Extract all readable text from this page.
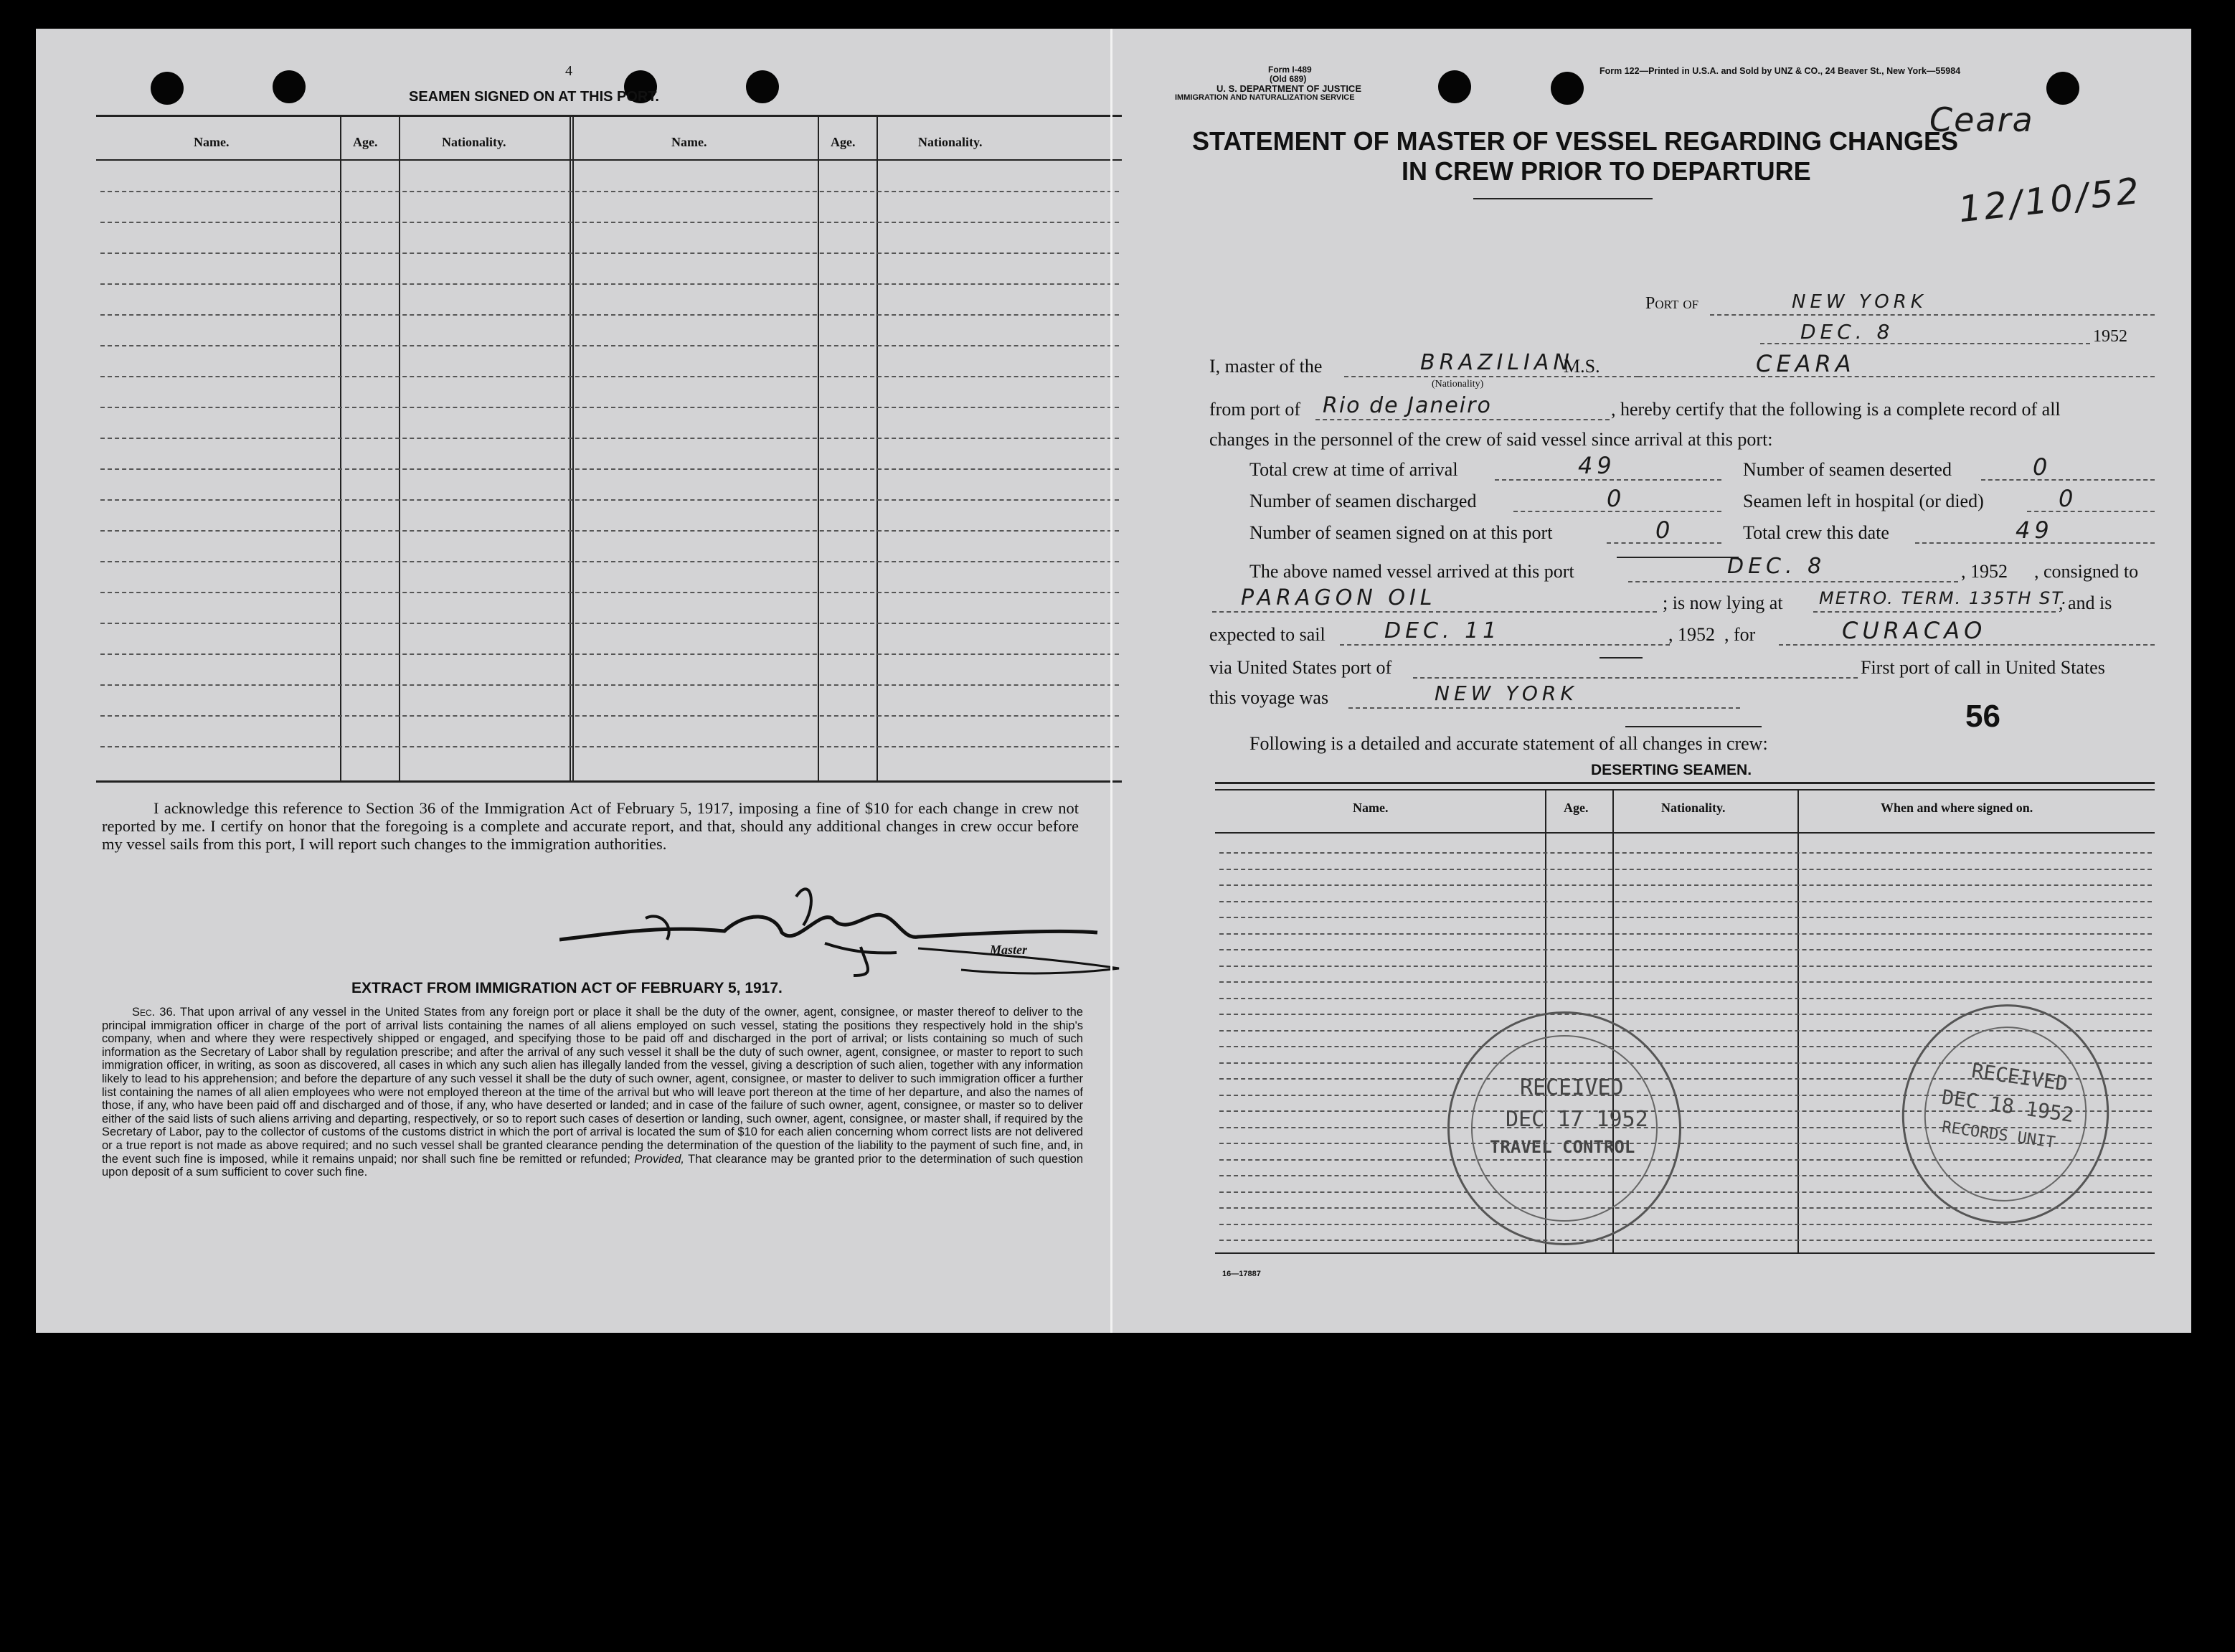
4
SEAMEN SIGNED ON AT THIS PORT.
Name.	Age.	Nationality.	Name.	Age.	Nationality.
I acknowledge this reference to Section 36 of the Immigration Act of February 5, 1917, imposing a fine of $10 for each change in crew not reported by me. I certify on honor that the foregoing is a complete and accurate report, and that, should any additional changes in crew occur before my vessel sails from this port, I will report such changes to the immigration authorities.
Master
EXTRACT FROM IMMIGRATION ACT OF FEBRUARY 5, 1917.
Sec. 36. That upon arrival of any vessel in the United States from any foreign port or place it shall be the duty of the owner, agent, consignee, or master thereof to deliver to the principal immigration officer in charge of the port of arrival lists containing the names of all aliens employed on such vessel, stating the positions they respectively hold in the ship's company, when and where they were respectively shipped or engaged, and specifying those to be paid off and discharged in the port of arrival; or lists containing so much of such information as the Secretary of Labor shall by regulation prescribe; and after the arrival of any such vessel it shall be the duty of such owner, agent, consignee, or master to report to such immigration officer, in writing, as soon as discovered, all cases in which any such alien has illegally landed from the vessel, giving a description of such alien, together with any information likely to lead to his apprehension; and before the departure of any such vessel it shall be the duty of such owner, agent, consignee, or master to deliver to such immigration officer a further list containing the names of all alien employees who were not employed thereon at the time of the arrival but who will leave port thereon at the time of her departure, and also the names of those, if any, who have been paid off and discharged and of those, if any, who have deserted or landed; and in case of the failure of such owner, agent, consignee, or master so to deliver either of the said lists of such aliens arriving and departing, respectively, or so to report such cases of desertion or landing, such owner, agent, consignee, or master shall, if required by the Secretary of Labor, pay to the collector of customs of the customs district in which the port of arrival is located the sum of $10 for each alien concerning whom correct lists are not delivered or a true report is not made as above required; and no such vessel shall be granted clearance pending the determination of the question of the liability to the payment of such fine, and, in the event such fine is imposed, while it remains unpaid; nor shall such fine be remitted or refunded; Provided, That clearance may be granted prior to the determination of such question upon deposit of a sum sufficient to cover such fine.
Form I-489
(Old 689)
U. S. DEPARTMENT OF JUSTICE
IMMIGRATION AND NATURALIZATION SERVICE
Form 122—Printed in U.S.A. and Sold by UNZ & CO., 24 Beaver St., New York—55984
STATEMENT OF MASTER OF VESSEL REGARDING CHANGES
IN CREW PRIOR TO DEPARTURE
Ceara
12/10/52
Port of	NEW YORK
DEC. 8	1952
I, master of the	BRAZILIAN
(Nationality)
M.S.	CEARA
from port of Rio de Janeiro	, hereby certify that the following is a complete record of all
changes in the personnel of the crew of said vessel since arrival at this port:
Total crew at time of arrival	49	Number of seamen deserted	0
Number of seamen discharged	0	Seamen left in hospital (or died)	0
Number of seamen signed on at this port	0	Total crew this date	49
The above named vessel arrived at this port	DEC. 8	, 1952 , consigned to
PARAGON OIL	; is now lying at METRO. TERM. 135TH ST.
, and is
expected to sail	DEC. 11	, 1952 , for	CURACAO
via United States port of	First port of call in United States
this voyage was	NEW YORK
56
Following is a detailed and accurate statement of all changes in crew:
DESERTING SEAMEN.
Name.	Age.	Nationality.	When and where signed on.
16—17887
RECEIVED
DEC 17 1952
TRAVEL CONTROL
RECEIVED
DEC 18 1952
RECORDS UNIT
